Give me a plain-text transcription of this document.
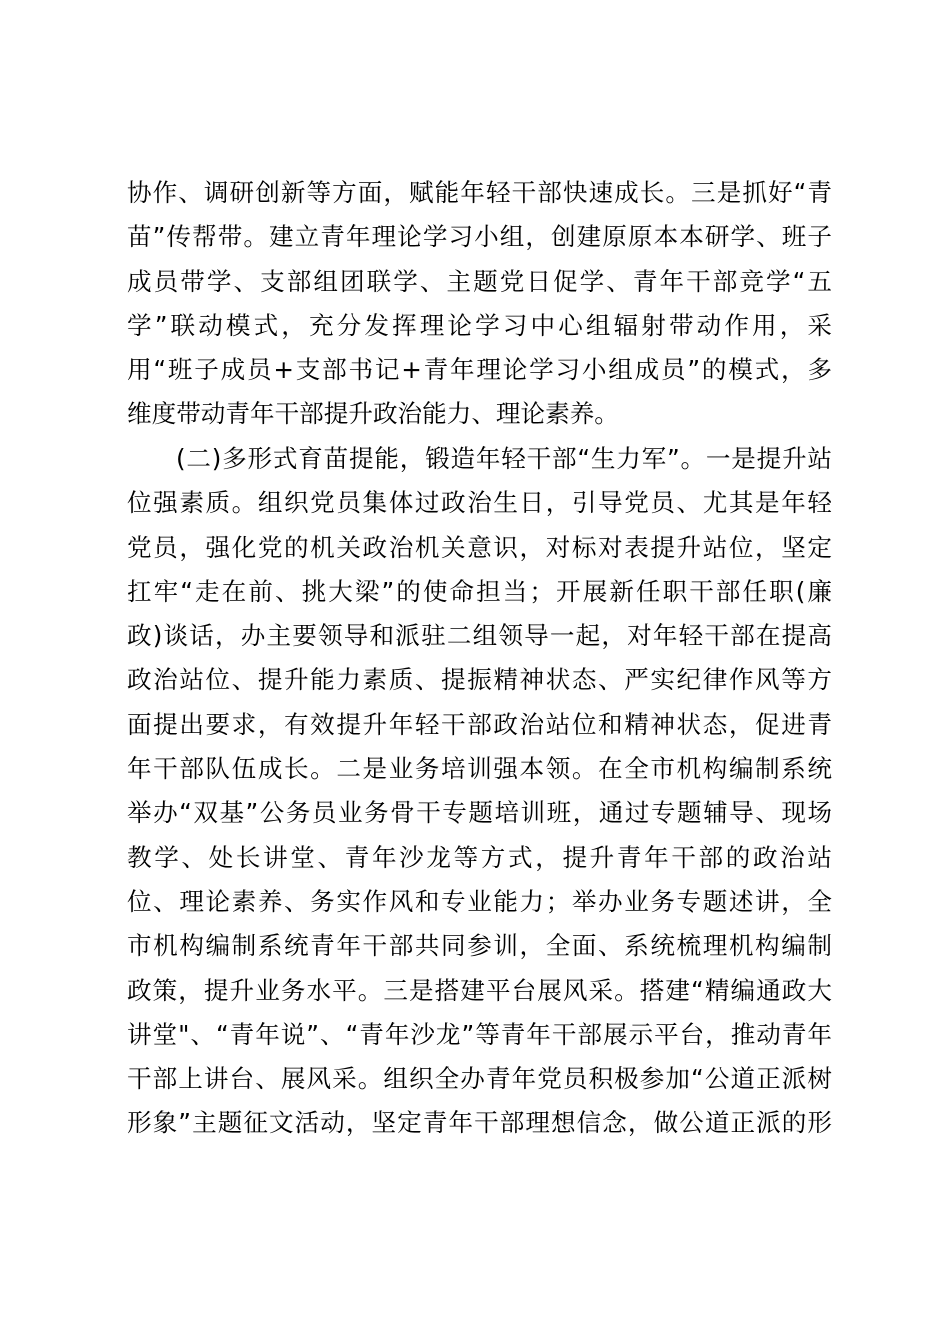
协作、调研创新等方面，赋能年轻干部快速成长。三是抓好“青
苗”传帮带。建立青年理论学习小组，创建原原本本研学、班子
成员带学、支部组团联学、主题党日促学、青年干部竞学“五
学”联动模式，充分发挥理论学习中心组辐射带动作用，采
用“班子成员+支部书记+青年理论学习小组成员”的模式，多
维度带动青年干部提升政治能力、理论素养。
(二)多形式育苗提能，锻造年轻干部“生力军”。一是提升站
位强素质。组织党员集体过政治生日，引导党员、尤其是年轻
党员，强化党的机关政治机关意识，对标对表提升站位，坚定
扛牢“走在前、挑大梁”的使命担当；开展新任职干部任职(廉
政)谈话，办主要领导和派驻二组领导一起，对年轻干部在提高
政治站位、提升能力素质、提振精神状态、严实纪律作风等方
面提出要求，有效提升年轻干部政治站位和精神状态，促进青
年干部队伍成长。二是业务培训强本领。在全市机构编制系统
举办“双基”公务员业务骨干专题培训班，通过专题辅导、现场
教学、处长讲堂、青年沙龙等方式，提升青年干部的政治站
位、理论素养、务实作风和专业能力；举办业务专题述讲，全
市机构编制系统青年干部共同参训，全面、系统梳理机构编制
政策，提升业务水平。三是搭建平台展风采。搭建“精编通政大
讲堂"、“青年说”、“青年沙龙”等青年干部展示平台，推动青年
干部上讲台、展风采。组织全办青年党员积极参加“公道正派树
形象”主题征文活动，坚定青年干部理想信念，做公道正派的形
